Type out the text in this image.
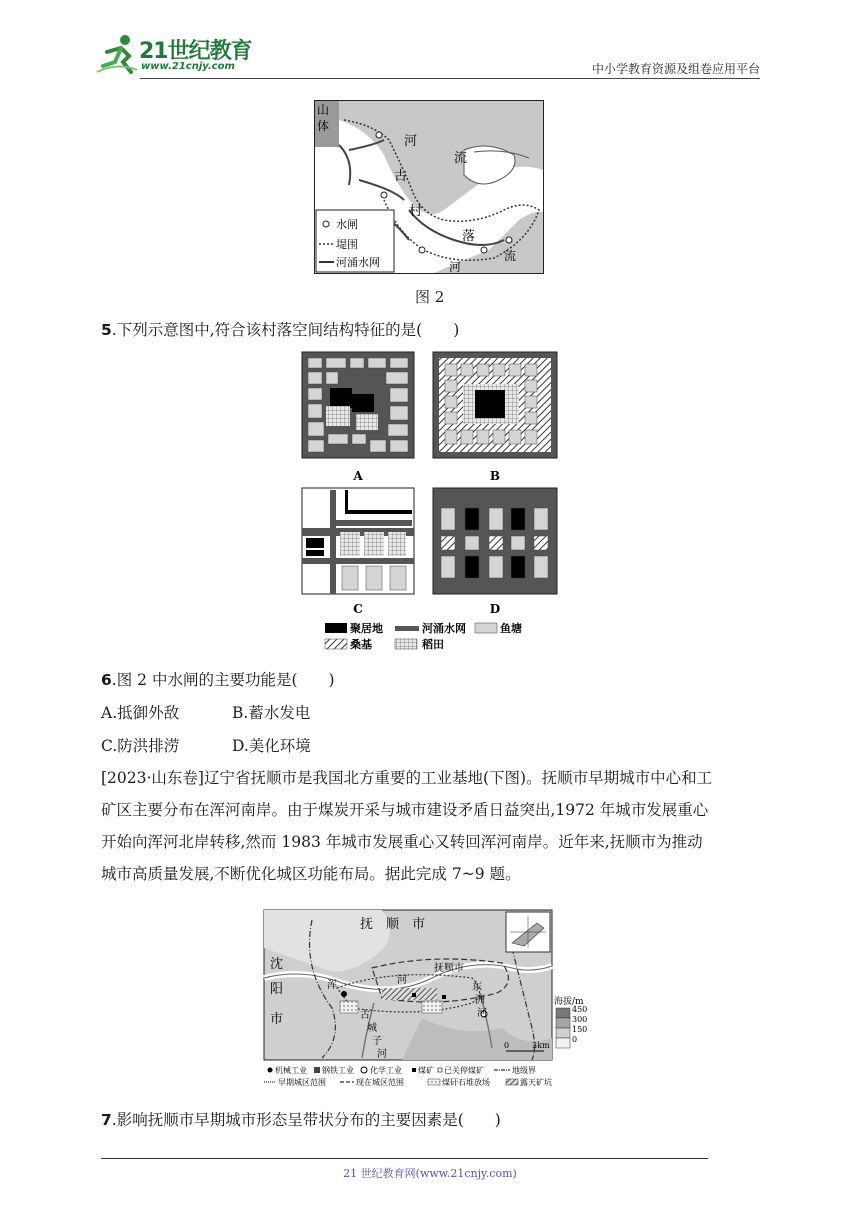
21世纪教育
www.21cnjy.com	中小学教育资源及组卷应用平台
山
体
河
流
古
村
落
河
流
水闸
堤围
河涌水网
图 2
5.下列示意图中,符合该村落空间结构特征的是(　　)
A	B
C	D
聚居地	河涌水网	鱼塘
桑基	稻田
6.图 2 中水闸的主要功能是(　　)
A.抵御外敌	B.蓄水发电
C.防洪排涝	D.美化环境
[2023·山东卷]辽宁省抚顺市是我国北方重要的工业基地(下图)。抚顺市早期城市中心和工
矿区主要分布在浑河南岸。由于煤炭开采与城市建设矛盾日益突出,1972 年城市发展重心
开始向浑河北岸转移,然而 1983 年城市发展重心又转回浑河南岸。近年来,抚顺市为推动
城市高质量发展,不断优化城区功能布局。据此完成 7~9 题。
沈
阳
市
抚　顺　市
抚顺市
浑	河
古
城
子
河
东
洲
河
海拔/m
450
300
150
0
0	3km
机械工业 钢铁工业 化学工业 煤矿 已关停煤矿	地级界
早期城区范围	现在城区范围	煤矸石堆放场	露天矿坑
7.影响抚顺市早期城市形态呈带状分布的主要因素是(　　)
21 世纪教育网(www.21cnjy.com)
